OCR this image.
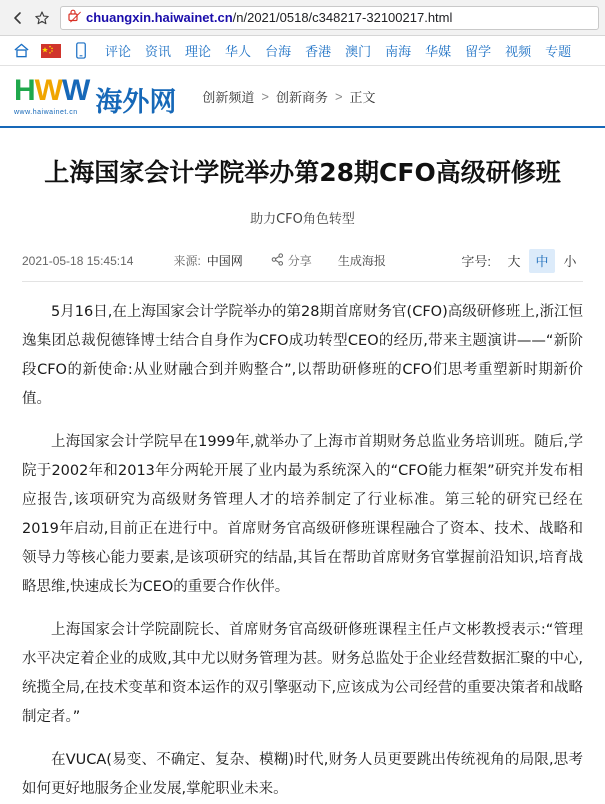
／ chuangxin.haiwainet.cn/n/2021/0518/c348217-32100217.html
评论	资讯	理论	华人	台海	香港	澳门	南海	华媒	留学	视频	专题
HWW
www.haiwainet.cn 海外网 创新频道 > 创新商务 > 正文
上海国家会计学院举办第28期CFO高级研修班
助力CFO角色转型
2021-05-18 15:45:14	来源: 中国网	分享 生成海报	字号:	大	中	小

5月16日,在上海国家会计学院举办的第28期首席财务官(CFO)高级研修班上,浙江恒逸集团总裁倪德锋博士结合自身作为CFO成功转型CEO的经历,带来主题演讲——“新阶段CFO的新使命:从业财融合到并购整合”,以帮助研修班的CFO们思考重塑新时期新价值。

上海国家会计学院早在1999年,就举办了上海市首期财务总监业务培训班。随后,学院于2002年和2013年分两轮开展了业内最为系统深入的“CFO能力框架”研究并发布相应报告,该项研究为高级财务管理人才的培养制定了行业标准。第三轮的研究已经在2019年启动,目前正在进行中。首席财务官高级研修班课程融合了资本、技术、战略和领导力等核心能力要素,是该项研究的结晶,其旨在帮助首席财务官掌握前沿知识,培育战略思维,快速成长为CEO的重要合作伙伴。

上海国家会计学院副院长、首席财务官高级研修班课程主任卢文彬教授表示:“管理水平决定着企业的成败,其中尤以财务管理为甚。财务总监处于企业经营数据汇聚的中心,统揽全局,在技术变革和资本运作的双引擎驱动下,应该成为公司经营的重要决策者和战略制定者。”

在VUCA(易变、不确定、复杂、模糊)时代,财务人员更要跳出传统视角的局限,思考如何更好地服务企业发展,掌舵职业未来。
